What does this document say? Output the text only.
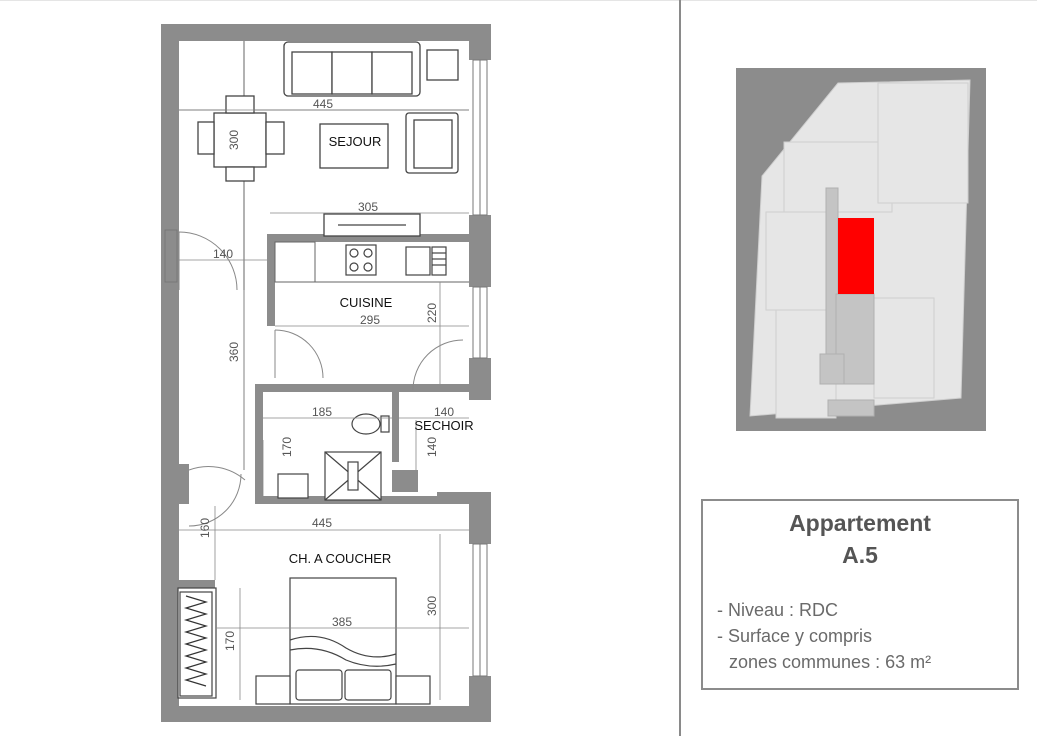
SEJOUR
CUISINE
SECHOIR
CH. A COUCHER
445
300
305
140
295	220
360
185	140
170	140
445
160
300
385
170
Appartement
A.5
- Niveau : RDC
- Surface y compris
zones communes : 63 m²
